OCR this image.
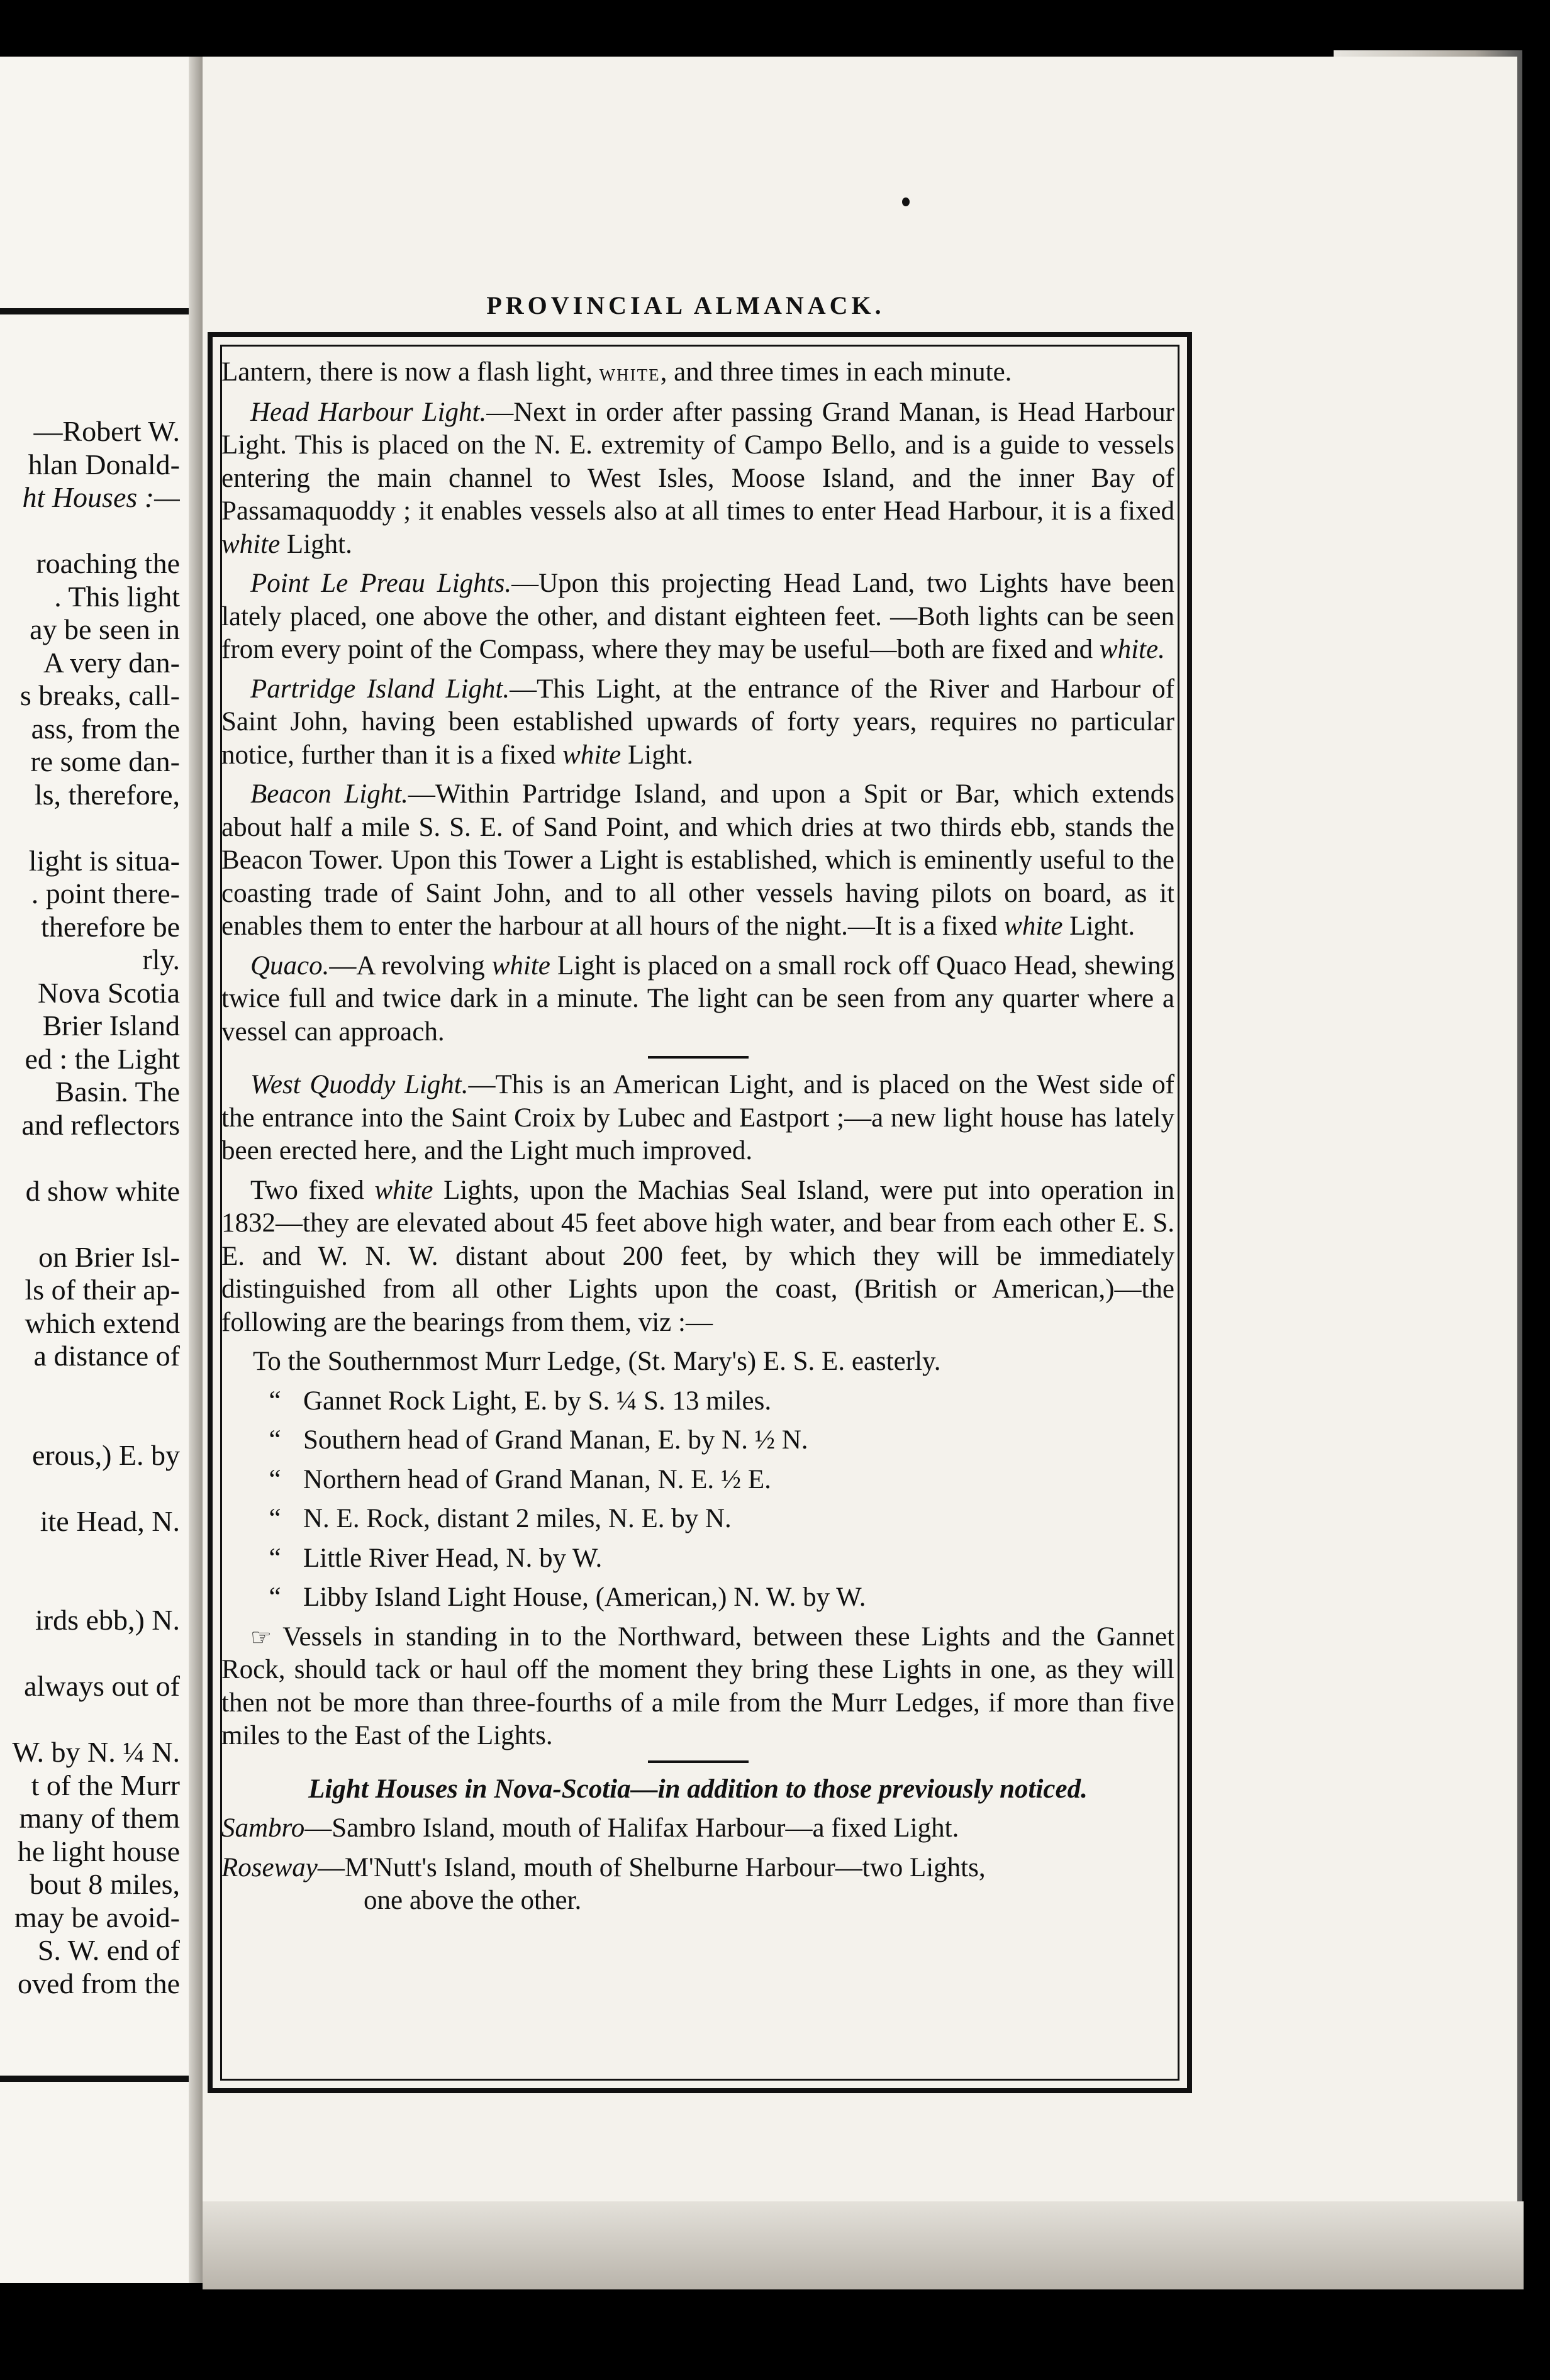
—Robert W.
hlan Donald-
ht Houses :—
roaching the
. This light
ay be seen in
A very dan-
s breaks, call-
ass, from the
re some dan-
ls, therefore,
light is situa-
. point there-
therefore be
rly.
Nova Scotia
Brier Island
ed : the Light
Basin. The
and reflectors
d show white
on Brier Isl-
ls of their ap-
which extend
a distance of
erous,) E. by
ite Head, N.
irds ebb,) N.
always out of
W. by N. ¼ N.
t of the Murr
many of them
he light house
bout 8 miles,
may be avoid-
S. W. end of
oved from the
PROVINCIAL ALMANACK.

Lantern, there is now a flash light, white, and three times in each minute.

Head Harbour Light.—Next in order after passing Grand Manan, is Head Harbour Light. This is placed on the N. E. extremity of Campo Bello, and is a guide to vessels entering the main channel to West Isles, Moose Island, and the inner Bay of Passamaquoddy ; it enables vessels also at all times to enter Head Harbour, it is a fixed white Light.

Point Le Preau Lights.—Upon this projecting Head Land, two Lights have been lately placed, one above the other, and distant eighteen feet. —Both lights can be seen from every point of the Compass, where they may be useful—both are fixed and white.

Partridge Island Light.—This Light, at the entrance of the River and Harbour of Saint John, having been established upwards of forty years, requires no particular notice, further than it is a fixed white Light.

Beacon Light.—Within Partridge Island, and upon a Spit or Bar, which extends about half a mile S. S. E. of Sand Point, and which dries at two thirds ebb, stands the Beacon Tower. Upon this Tower a Light is established, which is eminently useful to the coasting trade of Saint John, and to all other vessels having pilots on board, as it enables them to enter the harbour at all hours of the night.—It is a fixed white Light.

Quaco.—A revolving white Light is placed on a small rock off Quaco Head, shewing twice full and twice dark in a minute. The light can be seen from any quarter where a vessel can approach.

West Quoddy Light.—This is an American Light, and is placed on the West side of the entrance into the Saint Croix by Lubec and Eastport ;—a new light house has lately been erected here, and the Light much improved.

Two fixed white Lights, upon the Machias Seal Island, were put into operation in 1832—they are elevated about 45 feet above high water, and bear from each other E. S. E. and W. N. W. distant about 200 feet, by which they will be immediately distinguished from all other Lights upon the coast, (British or American,)—the following are the bearings from them, viz :—

To the Southernmost Murr Ledge, (St. Mary's) E. S. E. easterly.

“ Gannet Rock Light, E. by S. ¼ S. 13 miles.

“ Southern head of Grand Manan, E. by N. ½ N.

“ Northern head of Grand Manan, N. E. ½ E.

“ N. E. Rock, distant 2 miles, N. E. by N.

“ Little River Head, N. by W.

“ Libby Island Light House, (American,) N. W. by W.

☞ Vessels in standing in to the Northward, between these Lights and the Gannet Rock, should tack or haul off the moment they bring these Lights in one, as they will then not be more than three-fourths of a mile from the Murr Ledges, if more than five miles to the East of the Lights.

Light Houses in Nova-Scotia—in addition to those previously noticed.

Sambro—Sambro Island, mouth of Halifax Harbour—a fixed Light.

Roseway—M'Nutt's Island, mouth of Shelburne Harbour—two Lights,
one above the other.
